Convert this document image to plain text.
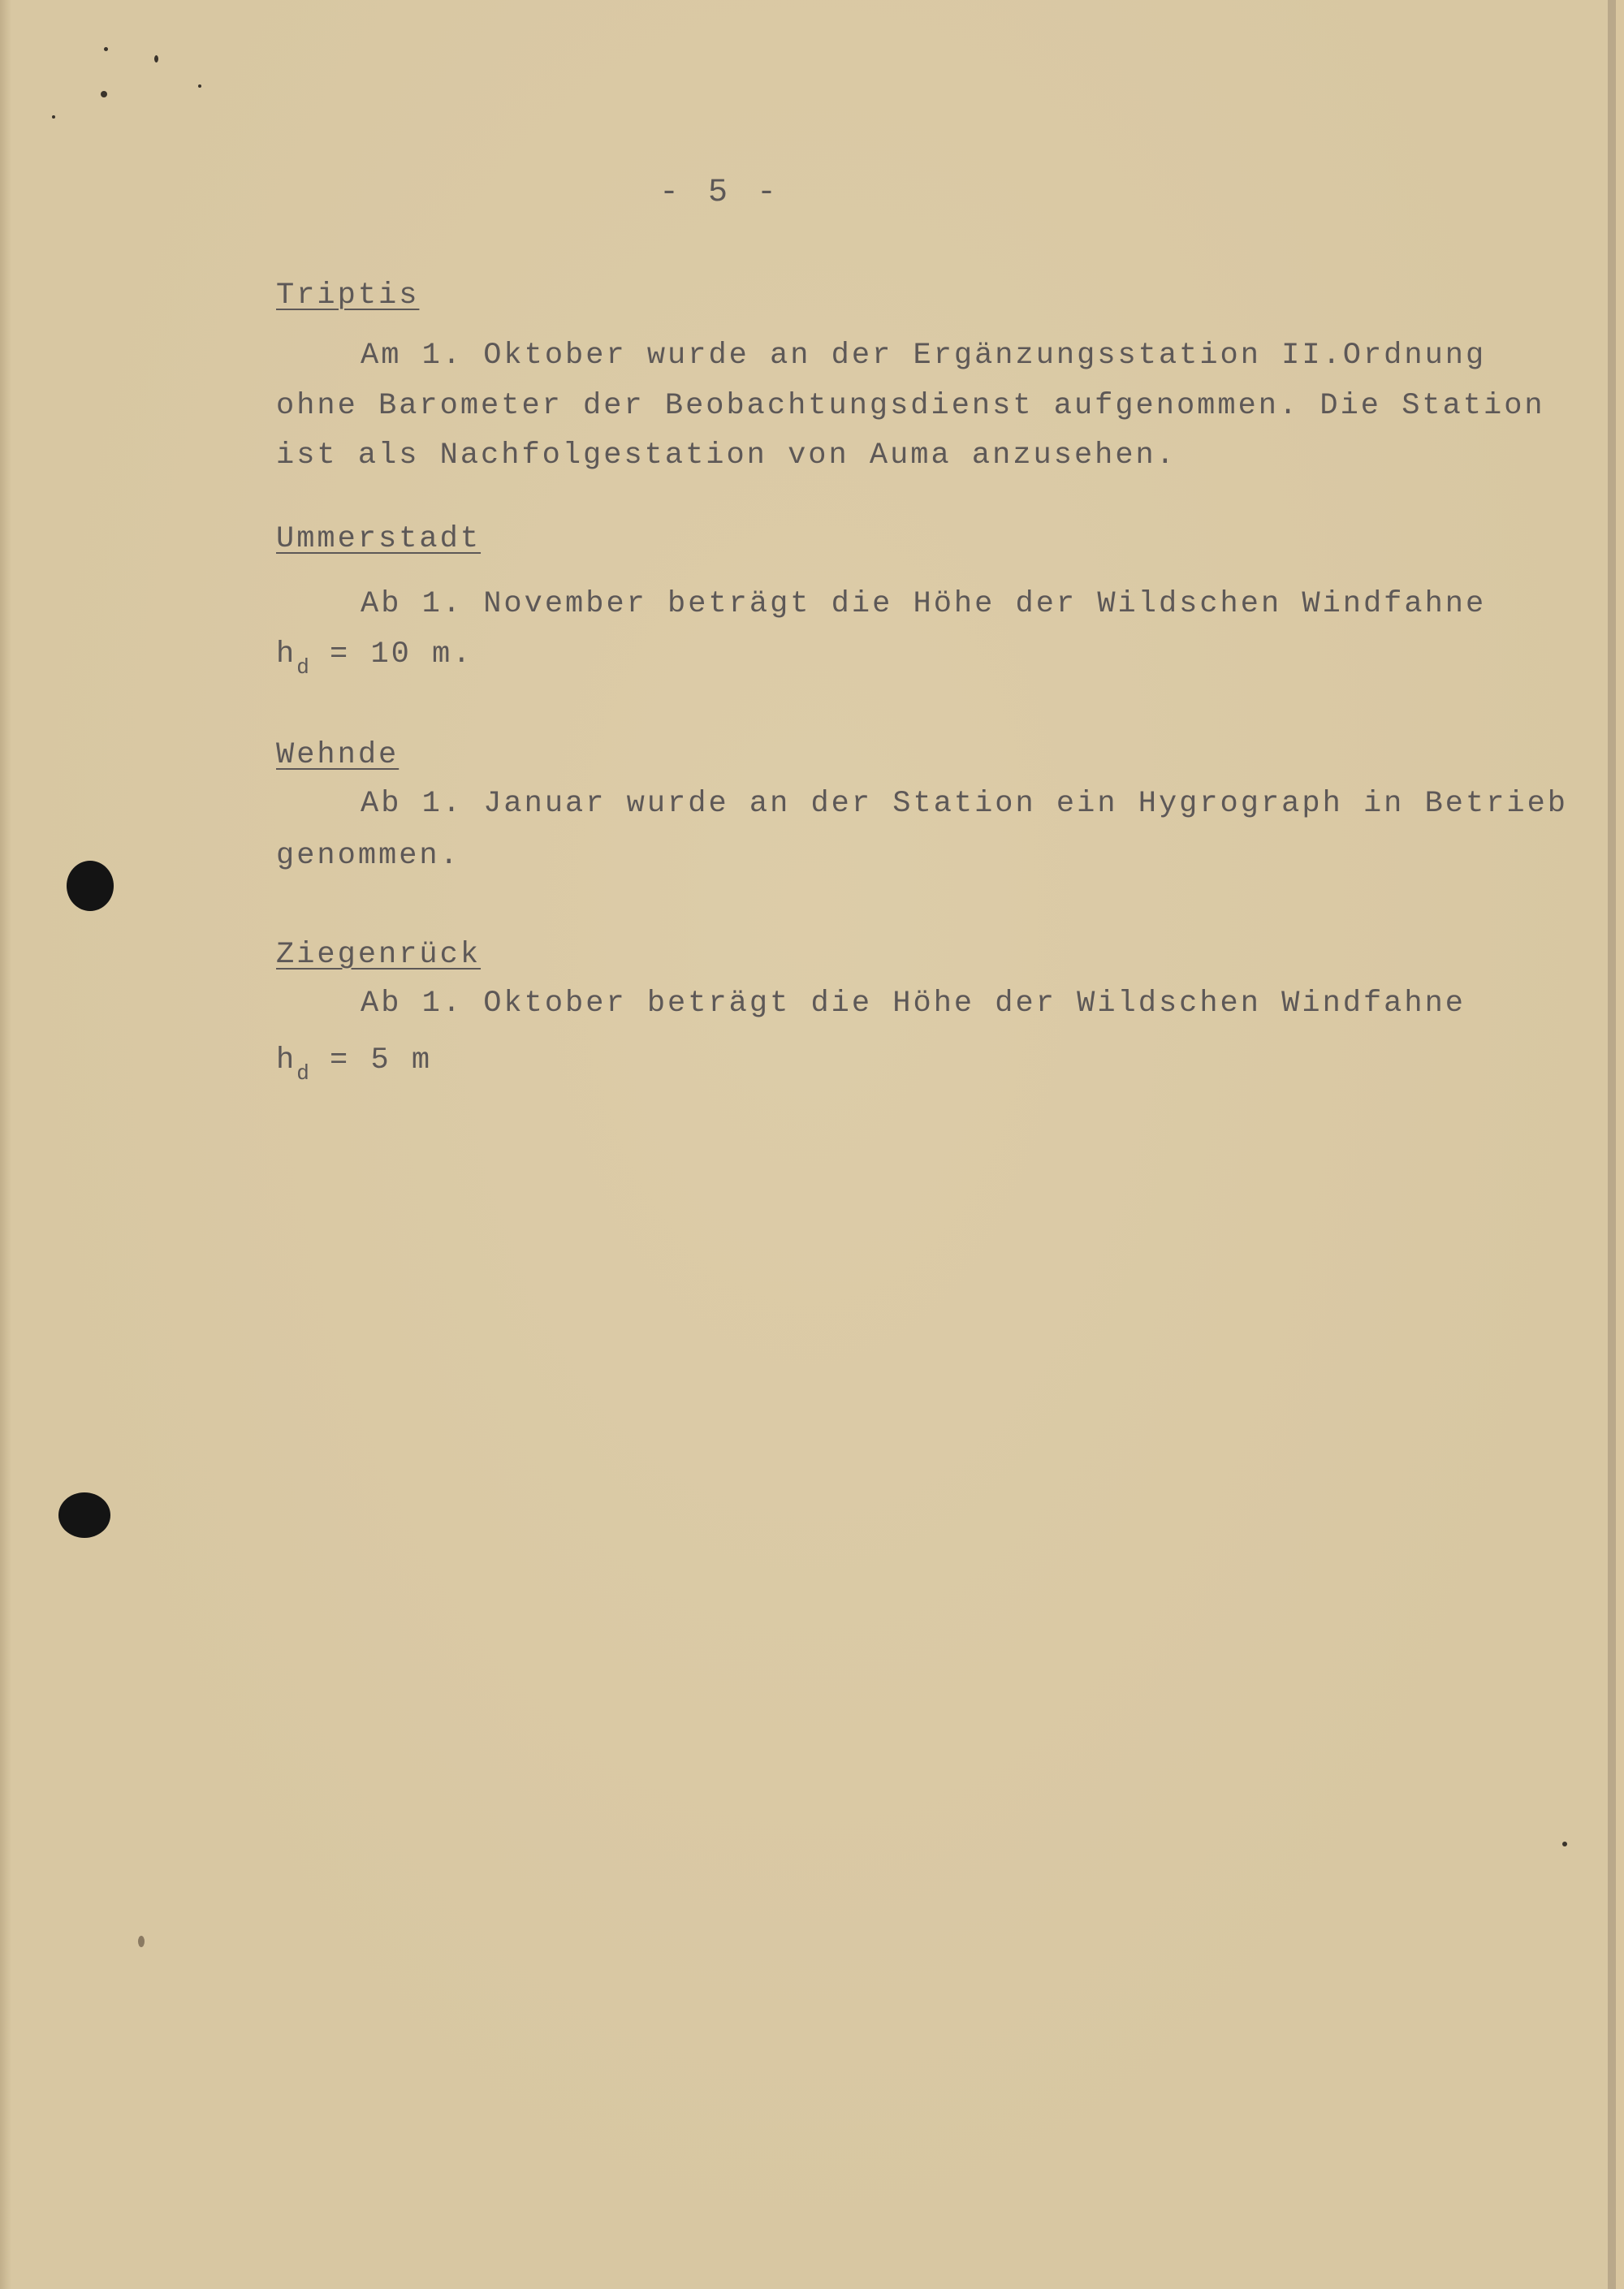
- 5 -
Triptis
Am 1. Oktober wurde an der Ergänzungsstation II.Ordnung
ohne Barometer der Beobachtungsdienst aufgenommen. Die Station
ist als Nachfolgestation von Auma anzusehen.
Ummerstadt
Ab 1. November beträgt die Höhe der Wildschen Windfahne
$h_d = 10$ m.
Wehnde
Ab 1. Januar wurde an der Station ein Hygrograph in Betrieb
genommen.
Ziegenrück
Ab 1. Oktober beträgt die Höhe der Wildschen Windfahne
$h_d = 5$ m
